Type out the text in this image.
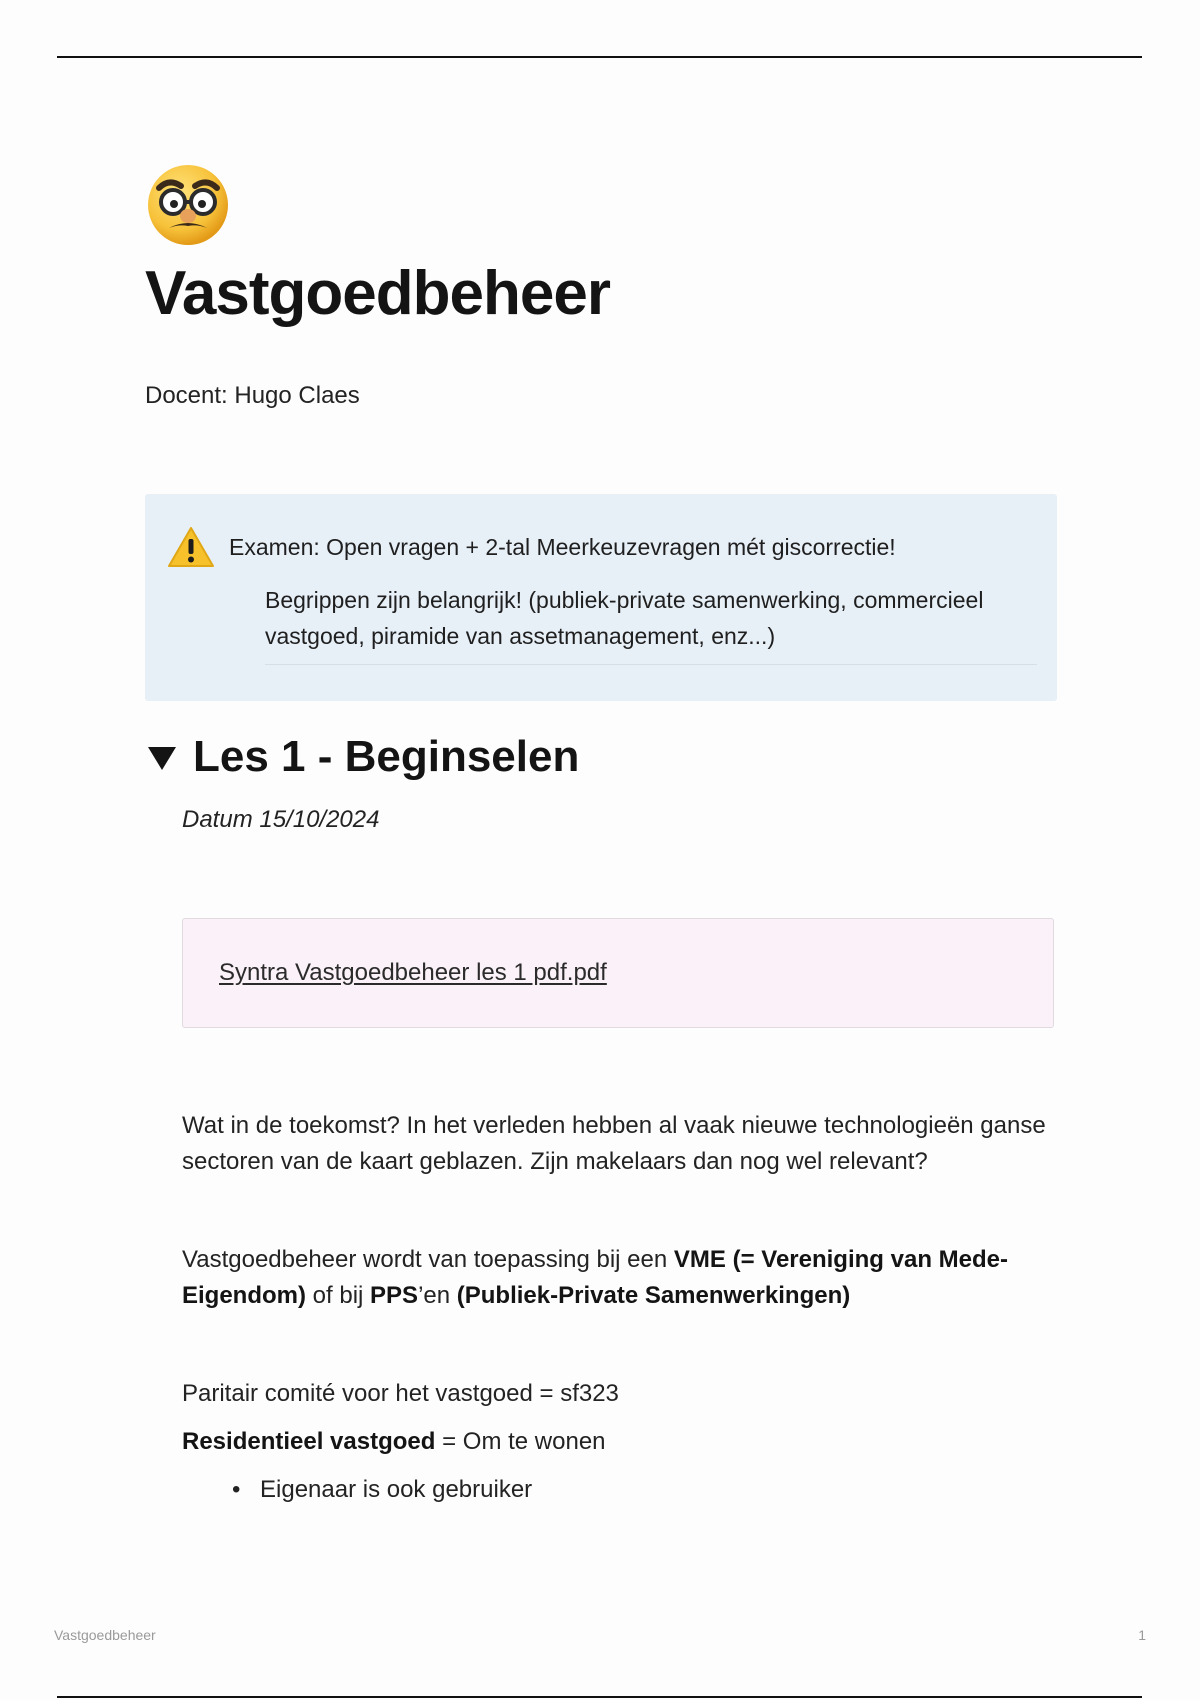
Vastgoedbeheer
Docent: Hugo Claes
Examen: Open vragen + 2-tal Meerkeuzevragen mét giscorrectie!
Begrippen zijn belangrijk! (publiek-private samenwerking, commercieel vastgoed, piramide van assetmanagement, enz...)
Les 1 - Beginselen
Datum 15/10/2024
Syntra Vastgoedbeheer les 1 pdf.pdf

Wat in de toekomst? In het verleden hebben al vaak nieuwe technologieën ganse sectoren van de kaart geblazen. Zijn makelaars dan nog wel relevant?

Vastgoedbeheer wordt van toepassing bij een VME (= Vereniging van Mede-Eigendom) of bij PPS’en (Publiek-Private Samenwerkingen)

Paritair comité voor het vastgoed = sf323

Residentieel vastgoed = Om te wonen

• Eigenaar is ook gebruiker
Vastgoedbeheer	1
